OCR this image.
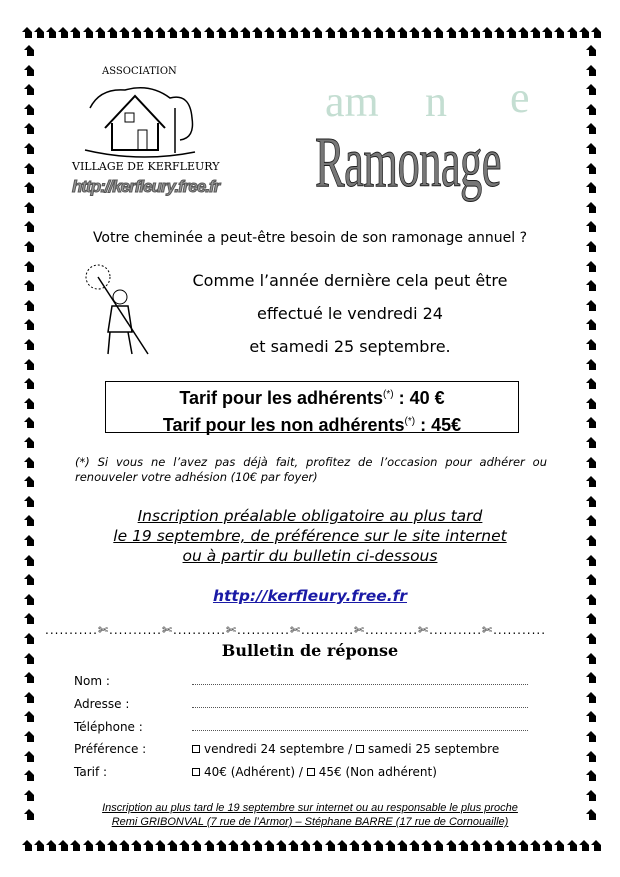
ASSOCIATION
VILLAGE DE KERFLEURY
http://kerfleury.free.fr
am n e
Ramonage
Votre cheminée a peut-être besoin de son ramonage annuel ?
Comme l’année dernière cela peut être
effectué le vendredi 24
et samedi 25 septembre.
Tarif pour les adhérents(*) : 40 €
Tarif pour les non adhérents(*) : 45€
(*) Si vous ne l’avez pas déjà fait, profitez de l’occasion pour adhérer ou renouveler votre adhésion (10€ par foyer)
Inscription préalable obligatoire au plus tard
le 19 septembre, de préférence sur le site internet
ou à partir du bulletin ci-dessous
http://kerfleury.free.fr
...........✄...........✄...........✄...........✄...........✄...........✄...........✄...........
Bulletin de réponse
Nom :
Adresse :
Téléphone :
Préférence :	vendredi 24 septembre / samedi 25 septembre
Tarif :	40€ (Adhérent) / 45€ (Non adhérent)
Inscription au plus tard le 19 septembre sur internet ou au responsable le plus proche
Remi GRIBONVAL (7 rue de l’Armor) – Stéphane BARRE (17 rue de Cornouaille)
